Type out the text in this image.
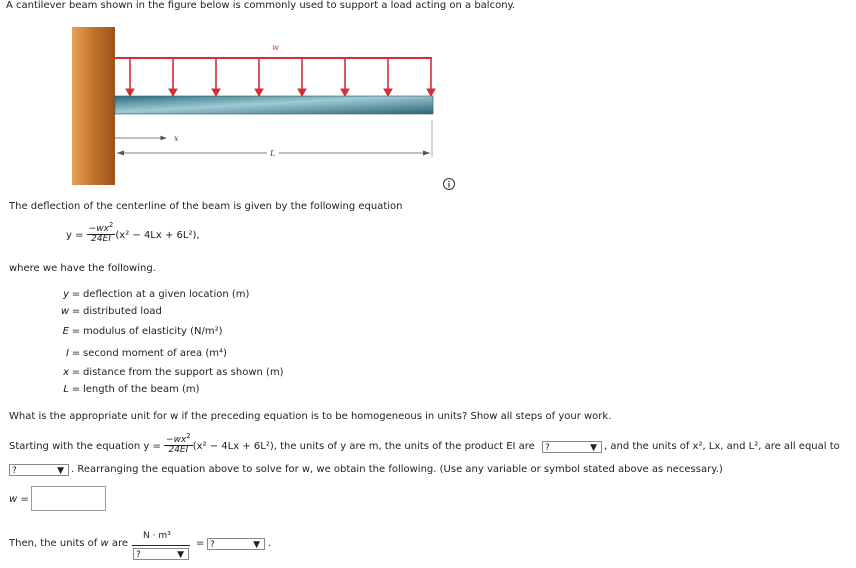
A cantilever beam shown in the figure below is commonly used to support a load acting on a balcony.
w
x
L
The deflection of the centerline of the beam is given by the following equation
$y = \frac{-wx^2}{24EI} (x^2 - 4Lx + 6L^2)$,
where we have the following.
y = deflection at a given location (m)
w = distributed load
E = modulus of elasticity (N/m²)
I = second moment of area (m⁴)
x = distance from the support as shown (m)
L = length of the beam (m)
What is the appropriate unit for w if the preceding equation is to be homogeneous in units? Show all steps of your work.
Starting with the equation $y = \frac{-wx^2}{24EI} (x^2 - 4Lx + 6L^2)$, the units of y are m, the units of the product EI are	?	▼ , and the units of x², Lx, and L², are all equal to
?	▼ . Rearranging the equation above to solve for w, we obtain the following. (Use any variable or symbol stated above as necessary.)
w =
Then, the units of w are
N · m³
?	▼
= ?	▼ .
